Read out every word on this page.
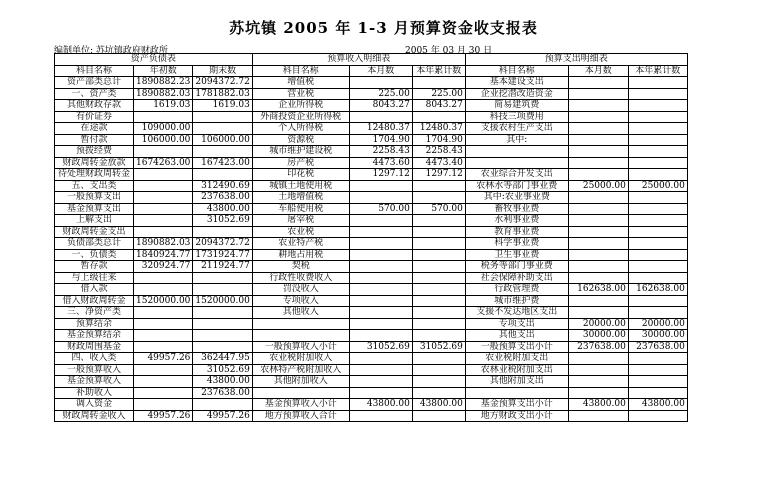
苏坑镇 2005 年 1-3 月预算资金收支报表
编制单位: 苏坑镇政府财政所	2005 年 03 月 30 日
资产负债表			预算收入明细表			预算支出明细表		
科目名称	年初数	期末数	科目名称	本月数	本年累计数	科目名称	本月数	本年累计数
资产部类总计	1890882.23	2094372.72	增值税			基本建设支出		
一、资产类	1890882.03	1781882.03	营业税	225.00	225.00	企业挖潜改造资金		
其他财政存款	1619.03	1619.03	企业所得税	8043.27	8043.27	简易建筑费		
有价证券			外商投资企业所得税			科技三项费用		
在途款	109000.00		个人所得税	12480.37	12480.37	支援农村生产支出		
暂付款	106000.00	106000.00	资源税	1704.90	1704.90	其中:		
预拨经费			城市维护建设税	2258.43	2258.43			
财政周转金放款	1674263.00	167423.00	房产税	4473.60	4473.40			
待处理财政周转金			印花税	1297.12	1297.12	农业综合开发支出		
五、支出类		312490.69	城镇土地使用税			农林水等部门事业费	25000.00	25000.00
一般预算支出		237638.00	土地增值税			其中:农业事业费		
基金预算支出		43800.00	车船使用税	570.00	570.00	畜牧事业费		
上解支出		31052.69	屠宰税			水利事业费		
财政周转金支出			农业税			教育事业费		
负债部类总计	1890882.03	2094372.72	农业特产税			科学事业费		
一、负债类	1840924.77	1731924.77	耕地占用税			卫生事业费		
暂存款	320924.77	211924.77	契税			税务等部门事业费		
与上级往来			行政性收费收入			社会保障补助支出		
借入款			罚没收入			行政管理费	162638.00	162638.00
借入财政周转金	1520000.00	1520000.00	专项收入			城市维护费		
三、净资产类			其他收入			支援不发达地区支出		
预算结余						专项支出	20000.00	20000.00
基金预算结余						其他支出	30000.00	30000.00
财政周围基金			一般预算收入小计	31052.69	31052.69	一般预算支出小计	237638.00	237638.00
四、收入类	49957.26	362447.95	农业税附加收入			农业税附加支出		
一般预算收入		31052.69	农林特产税附加收入			农林业税附加支出		
基金预算收入		43800.00	其他附加收入			其他附加支出		
补助收入		237638.00						
调入资金			基金预算收入小计	43800.00	43800.00	基金预算支出小计	43800.00	43800.00
财政周转金收入	49957.26	49957.26	地方预算收入合计			地方财政支出小计		
